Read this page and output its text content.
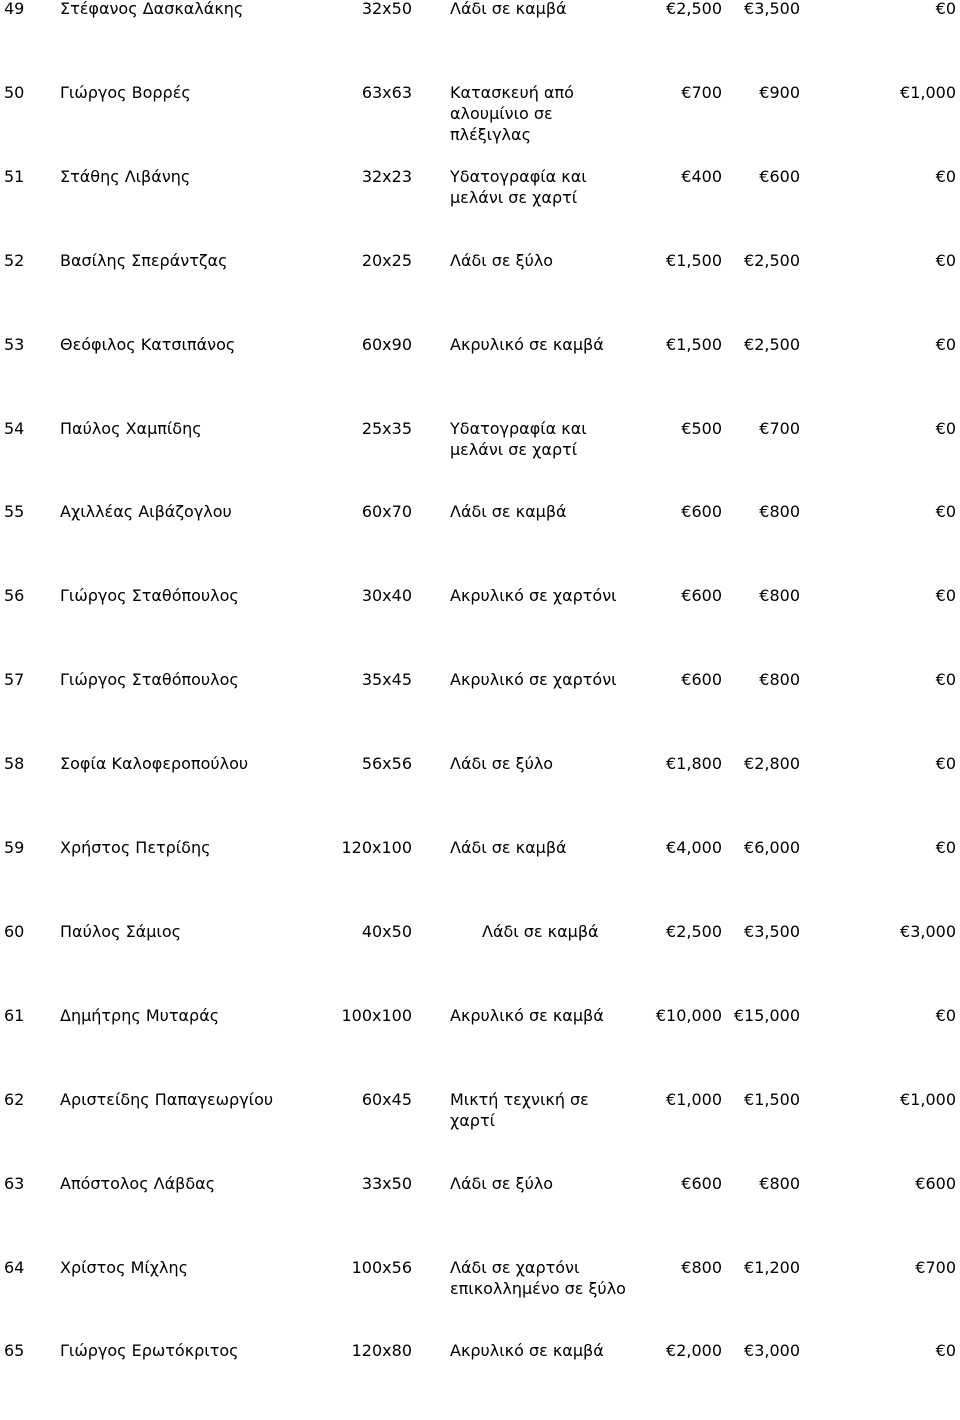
49 Στέφανος Δασκαλάκης	32x50 Λάδι σε καμβά	€2,500 €3,500	€0
50 Γιώργος Βορρές	63x63 Κατασκευή από
αλουμίνιο σε
πλέξιγλας
€700 €900	€1,000
51 Στάθης Λιβάνης	32x23 Υδατογραφία και
μελάνι σε χαρτί
€400 €600	€0
52 Βασίλης Σπεράντζας	20x25 Λάδι σε ξύλο	€1,500 €2,500	€0
53 Θεόφιλος Κατσιπάνος	60x90 Ακρυλικό σε καμβά	€1,500 €2,500	€0
54 Παύλος Χαμπίδης	25x35 Υδατογραφία και
μελάνι σε χαρτί
€500 €700	€0
55 Αχιλλέας Αιβάζογλου	60x70 Λάδι σε καμβά	€600 €800	€0
56 Γιώργος Σταθόπουλος	30x40 Ακρυλικό σε χαρτόνι	€600 €800	€0
57 Γιώργος Σταθόπουλος	35x45 Ακρυλικό σε χαρτόνι	€600 €800	€0
58 Σοφία Καλοφεροπούλου	56x56 Λάδι σε ξύλο	€1,800 €2,800	€0
59 Χρήστος Πετρίδης	120x100 Λάδι σε καμβά	€4,000 €6,000	€0
60 Παύλος Σάμιος	40x50	Λάδι σε καμβά	€2,500 €3,500	€3,000
61 Δημήτρης Μυταράς	100x100 Ακρυλικό σε καμβά	€10,000 €15,000	€0
62 Αριστείδης Παπαγεωργίου	60x45 Μικτή τεχνική σε
χαρτί
€1,000 €1,500	€1,000
63 Απόστολος Λάβδας	33x50 Λάδι σε ξύλο	€600 €800	€600
64 Χρίστος Μίχλης	100x56 Λάδι σε χαρτόνι
επικολλημένο σε ξύλο
€800 €1,200	€700
65 Γιώργος Ερωτόκριτος	120x80 Ακρυλικό σε καμβά	€2,000 €3,000	€0
